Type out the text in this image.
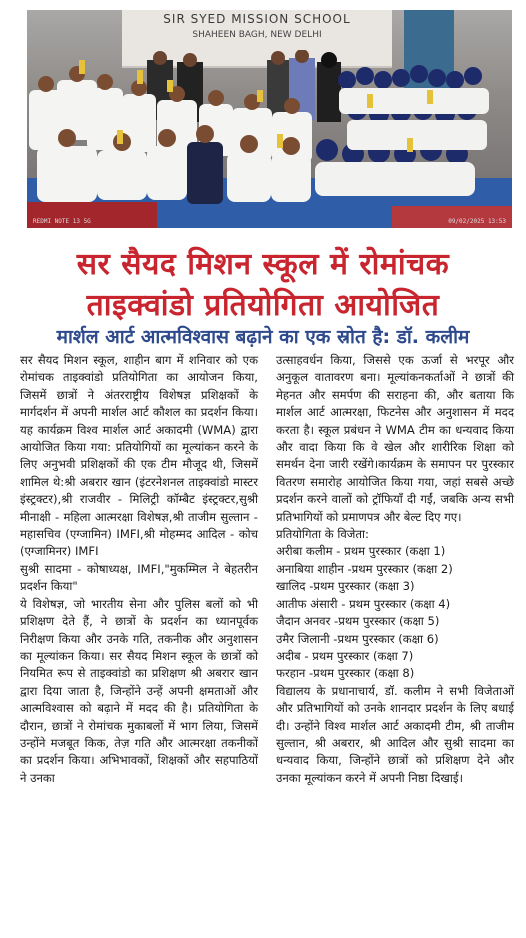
SIR SYED MISSION SCHOOL
SHAHEEN BAGH, NEW DELHI
REDMI NOTE 13 5G	09/02/2025 13:53
सर सैयद मिशन स्कूल में रोमांचक
ताइक्वांडो प्रतियोगिता आयोजित
मार्शल आर्ट आत्मविश्वास बढ़ाने का एक स्रोत है: डॉ. कलीम

सर सैयद मिशन स्कूल, शाहीन बाग में शनिवार को एक रोमांचक ताइक्वांडो प्रतियोगिता का आयोजन किया, जिसमें छात्रों ने अंतरराष्ट्रीय विशेषज्ञ प्रशिक्षकों के मार्गदर्शन में अपनी मार्शल आर्ट कौशल का प्रदर्शन किया। यह कार्यक्रम विश्व मार्शल आर्ट अकादमी (WMA) द्वारा आयोजित किया गया: प्रतियोगियों का मूल्यांकन करने के लिए अनुभवी प्रशिक्षकों की एक टीम मौजूद थी, जिसमें शामिल थे:श्री अबरार खान (इंटरनेशनल ताइक्वांडो मास्टर इंस्ट्रक्टर),श्री राजवीर - मिलिट्री कॉम्बैट इंस्ट्रक्टर,सुश्री मीनाक्षी - महिला आत्मरक्षा विशेषज्ञ,श्री ताजीम सुल्तान - महासचिव (एग्जामिन) IMFI,श्री मोहम्मद आदिल - कोच (एग्जामिनर) IMFI

सुश्री सादमा - कोषाध्यक्ष, IMFI,"मुकम्मिल ने बेहतरीन प्रदर्शन किया"

ये विशेषज्ञ, जो भारतीय सेना और पुलिस बलों को भी प्रशिक्षण देते हैं, ने छात्रों के प्रदर्शन का ध्यानपूर्वक निरीक्षण किया और उनके गति, तकनीक और अनुशासन का मूल्यांकन किया। सर सैयद मिशन स्कूल के छात्रों को नियमित रूप से ताइक्वांडो का प्रशिक्षण श्री अबरार खान द्वारा दिया जाता है, जिन्होंने उन्हें अपनी क्षमताओं और आत्मविश्वास को बढ़ाने में मदद की है। प्रतियोगिता के दौरान, छात्रों ने रोमांचक मुकाबलों में भाग लिया, जिसमें उन्होंने मजबूत किक, तेज़ गति और आत्मरक्षा तकनीकों का प्रदर्शन किया। अभिभावकों, शिक्षकों और सहपाठियों ने उनका

उत्साहवर्धन किया, जिससे एक ऊर्जा से भरपूर और अनुकूल वातावरण बना। मूल्यांकनकर्ताओं ने छात्रों की मेहनत और समर्पण की सराहना की, और बताया कि मार्शल आर्ट आत्मरक्षा, फिटनेस और अनुशासन में मदद करता है। स्कूल प्रबंधन ने WMA टीम का धन्यवाद किया और वादा किया कि वे खेल और शारीरिक शिक्षा को समर्थन देना जारी रखेंगे।कार्यक्रम के समापन पर पुरस्कार वितरण समारोह आयोजित किया गया, जहां सबसे अच्छे प्रदर्शन करने वालों को ट्रॉफियाँ दी गईं, जबकि अन्य सभी प्रतिभागियों को प्रमाणपत्र और बेल्ट दिए गए।

प्रतियोगिता के विजेता:

अरीबा कलीम - प्रथम पुरस्कार (कक्षा 1)
अनाबिया शाहीन -प्रथम पुरस्कार (कक्षा 2)
खालिद -प्रथम पुरस्कार (कक्षा 3)
आतीफ अंसारी - प्रथम पुरस्कार (कक्षा 4)
जैदान अनवर -प्रथम पुरस्कार (कक्षा 5)
उमैर जिलानी -प्रथम पुरस्कार (कक्षा 6)
अदीब - प्रथम पुरस्कार (कक्षा 7)
फरहान -प्रथम पुरस्कार (कक्षा 8)

विद्यालय के प्रधानाचार्य, डॉ. कलीम ने सभी विजेताओं और प्रतिभागियों को उनके शानदार प्रदर्शन के लिए बधाई दी। उन्होंने विश्व मार्शल आर्ट अकादमी टीम, श्री ताजीम सुल्तान, श्री अबरार, श्री आदिल और सुश्री सादमा का धन्यवाद किया, जिन्होंने छात्रों को प्रशिक्षण देने और उनका मूल्यांकन करने में अपनी निष्ठा दिखाई।
